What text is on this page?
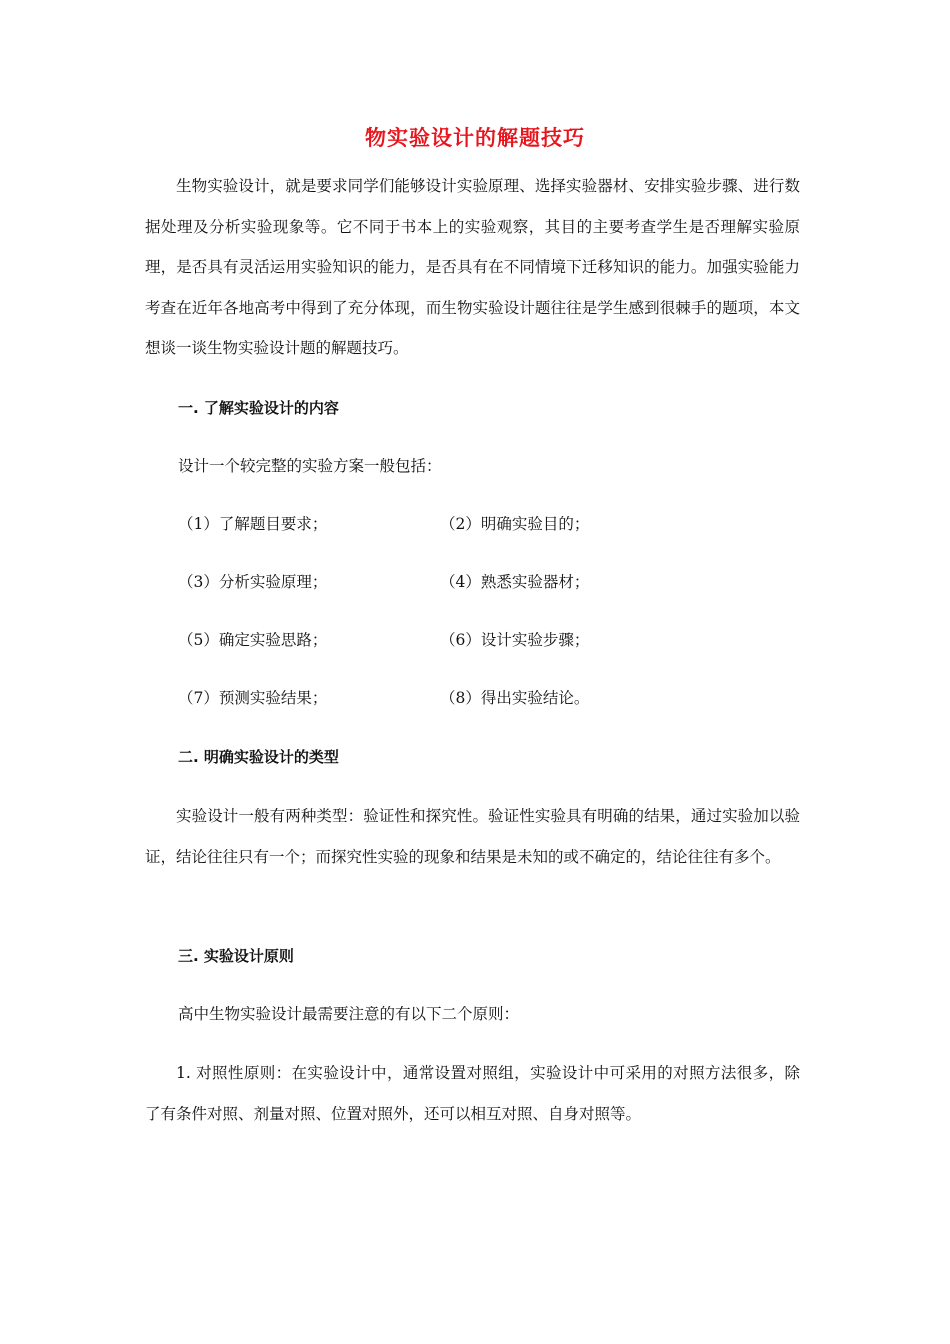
物实验设计的解题技巧
生物实验设计，就是要求同学们能够设计实验原理、选择实验器材、安排实验步骤、进行数据处理及分析实验现象等。它不同于书本上的实验观察，其目的主要考查学生是否理解实验原理，是否具有灵活运用实验知识的能力，是否具有在不同情境下迁移知识的能力。加强实验能力考查在近年各地高考中得到了充分体现，而生物实验设计题往往是学生感到很棘手的题项，本文想谈一谈生物实验设计题的解题技巧。
一. 了解实验设计的内容
设计一个较完整的实验方案一般包括：
（1）了解题目要求；	（2）明确实验目的；
（3）分析实验原理；	（4）熟悉实验器材；
（5）确定实验思路；	（6）设计实验步骤；
（7）预测实验结果；	（8）得出实验结论。
二. 明确实验设计的类型
实验设计一般有两种类型：验证性和探究性。验证性实验具有明确的结果，通过实验加以验证，结论往往只有一个；而探究性实验的现象和结果是未知的或不确定的，结论往往有多个。
三. 实验设计原则
高中生物实验设计最需要注意的有以下二个原则：
1. 对照性原则：在实验设计中，通常设置对照组，实验设计中可采用的对照方法很多，除了有条件对照、剂量对照、位置对照外，还可以相互对照、自身对照等。
